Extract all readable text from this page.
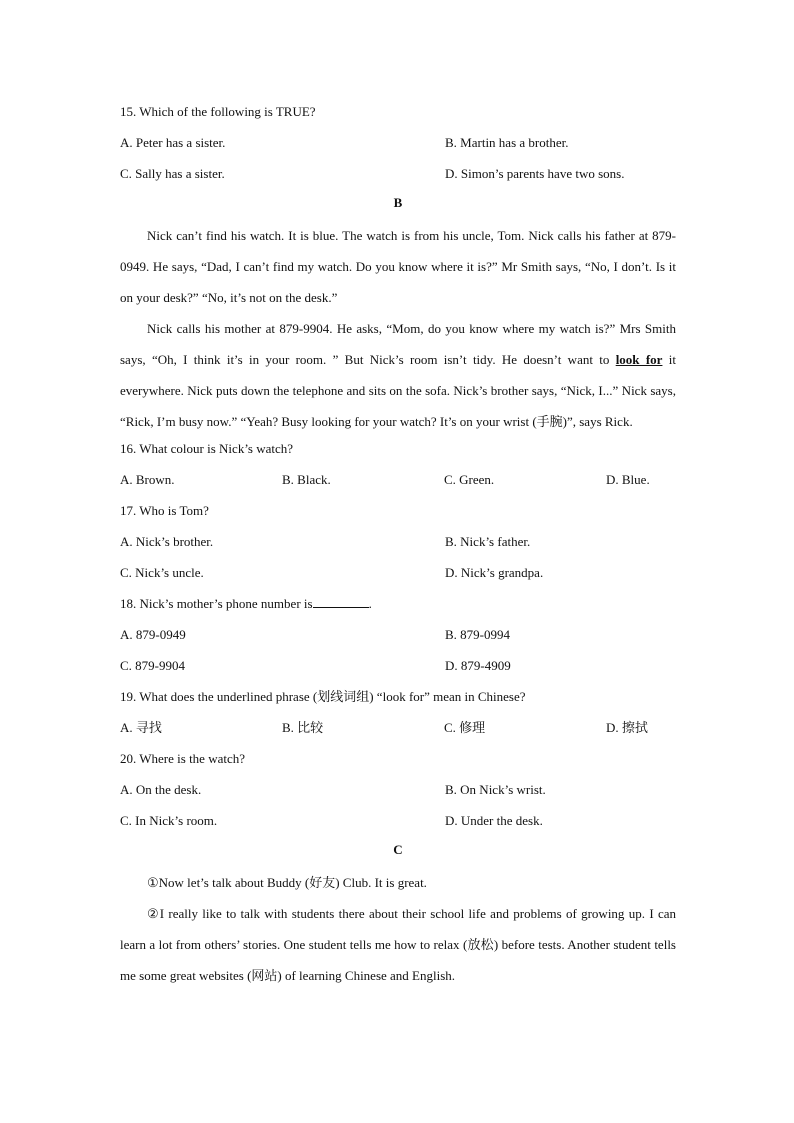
15. Which of the following is TRUE?
A. Peter has a sister.	B. Martin has a brother.
C. Sally has a sister.	D. Simon’s parents have two sons.
B
Nick can’t find his watch. It is blue. The watch is from his uncle, Tom. Nick calls his father at 879-0949. He says, “Dad, I can’t find my watch. Do you know where it is?” Mr Smith says, “No, I don’t. Is it on your desk?” “No, it’s not on the desk.”
Nick calls his mother at 879-9904. He asks, “Mom, do you know where my watch is?” Mrs Smith says, “Oh, I think it’s in your room. ” But Nick’s room isn’t tidy. He doesn’t want to look for it everywhere. Nick puts down the telephone and sits on the sofa. Nick’s brother says, “Nick, I...” Nick says, “Rick, I’m busy now.” “Yeah? Busy looking for your watch? It’s on your wrist (手腕)”, says Rick.
16. What colour is Nick’s watch?
A. Brown.	B. Black.	C. Green.	D. Blue.
17. Who is Tom?
A. Nick’s brother.	B. Nick’s father.
C. Nick’s uncle.	D. Nick’s grandpa.
18. Nick’s mother’s phone number is	.
A. 879-0949	B. 879-0994
C. 879-9904	D. 879-4909
19. What does the underlined phrase (划线词组) “look for” mean in Chinese?
A. 寻找	B. 比较	C. 修理	D. 擦拭
20. Where is the watch?
A. On the desk.	B. On Nick’s wrist.
C. In Nick’s room.	D. Under the desk.
C
①Now let’s talk about Buddy (好友) Club. It is great.
②I really like to talk with students there about their school life and problems of growing up. I can learn a lot from others’ stories. One student tells me how to relax (放松) before tests. Another student tells me some great websites (网站) of learning Chinese and English.
